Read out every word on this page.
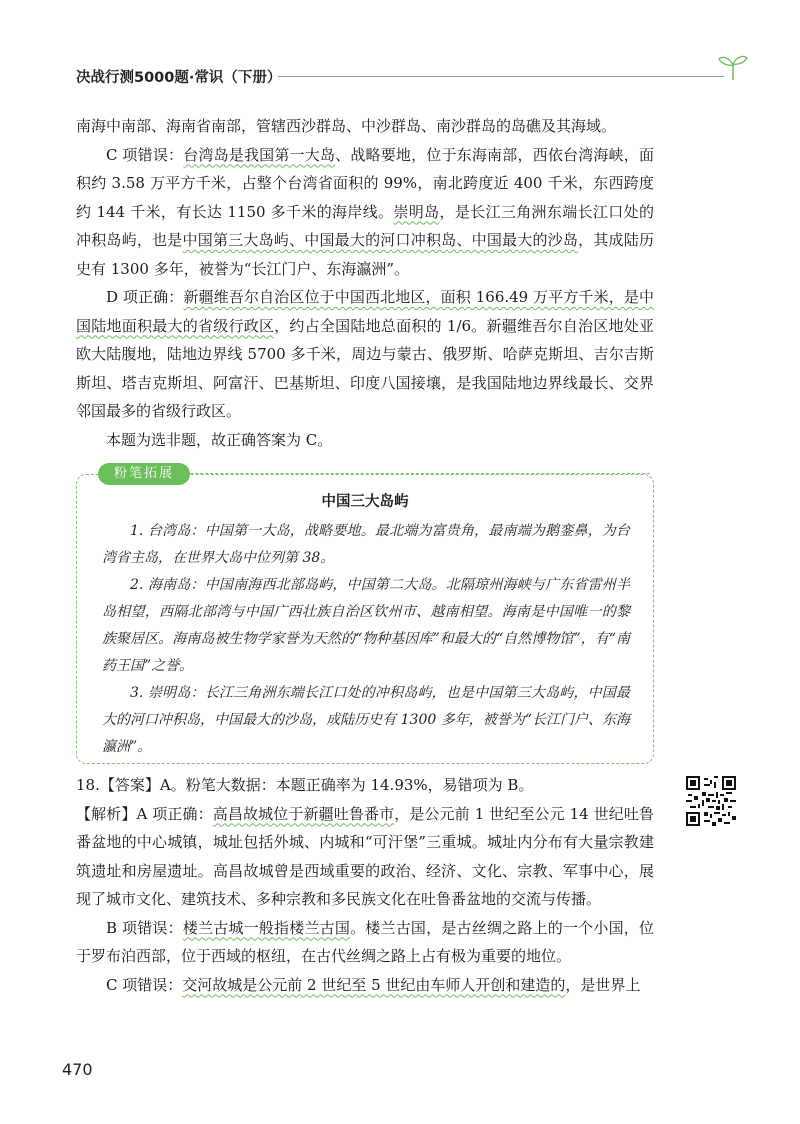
决战行测5000题·常识（下册）

南海中南部、海南省南部，管辖西沙群岛、中沙群岛、南沙群岛的岛礁及其海域。

C 项错误：台湾岛是我国第一大岛、战略要地，位于东海南部，西依台湾海峡，面积约 3.58 万平方千米，占整个台湾省面积的 99%，南北跨度近 400 千米，东西跨度约 144 千米，有长达 1150 多千米的海岸线。崇明岛，是长江三角洲东端长江口处的冲积岛屿，也是中国第三大岛屿、中国最大的河口冲积岛、中国最大的沙岛，其成陆历史有 1300 多年，被誉为“长江门户、东海瀛洲”。

D 项正确：新疆维吾尔自治区位于中国西北地区，面积 166.49 万平方千米，是中国陆地面积最大的省级行政区，约占全国陆地总面积的 1/6。新疆维吾尔自治区地处亚欧大陆腹地，陆地边界线 5700 多千米，周边与蒙古、俄罗斯、哈萨克斯坦、吉尔吉斯斯坦、塔吉克斯坦、阿富汗、巴基斯坦、印度八国接壤，是我国陆地边界线最长、交界邻国最多的省级行政区。

本题为选非题，故正确答案为 C。

粉笔拓展
中国三大岛屿

1. 台湾岛：中国第一大岛，战略要地。最北端为富贵角，最南端为鹅銮鼻，为台湾省主岛，在世界大岛中位列第 38。

2. 海南岛：中国南海西北部岛屿，中国第二大岛。北隔琼州海峡与广东省雷州半岛相望，西隔北部湾与中国广西壮族自治区钦州市、越南相望。海南是中国唯一的黎族聚居区。海南岛被生物学家誉为天然的“物种基因库”和最大的“自然博物馆”，有“南药王国”之誉。

3. 崇明岛：长江三角洲东端长江口处的冲积岛屿，也是中国第三大岛屿，中国最大的河口冲积岛，中国最大的沙岛，成陆历史有 1300 多年，被誉为“长江门户、东海瀛洲”。

18.【答案】A。粉笔大数据：本题正确率为 14.93%，易错项为 B。

【解析】A 项正确：高昌故城位于新疆吐鲁番市，是公元前 1 世纪至公元 14 世纪吐鲁番盆地的中心城镇，城址包括外城、内城和“可汗堡”三重城。城址内分布有大量宗教建筑遗址和房屋遗址。高昌故城曾是西域重要的政治、经济、文化、宗教、军事中心，展现了城市文化、建筑技术、多种宗教和多民族文化在吐鲁番盆地的交流与传播。

B 项错误：楼兰古城一般指楼兰古国。楼兰古国，是古丝绸之路上的一个小国，位于罗布泊西部，位于西域的枢纽，在古代丝绸之路上占有极为重要的地位。

C 项错误：交河故城是公元前 2 世纪至 5 世纪由车师人开创和建造的，是世界上

470
